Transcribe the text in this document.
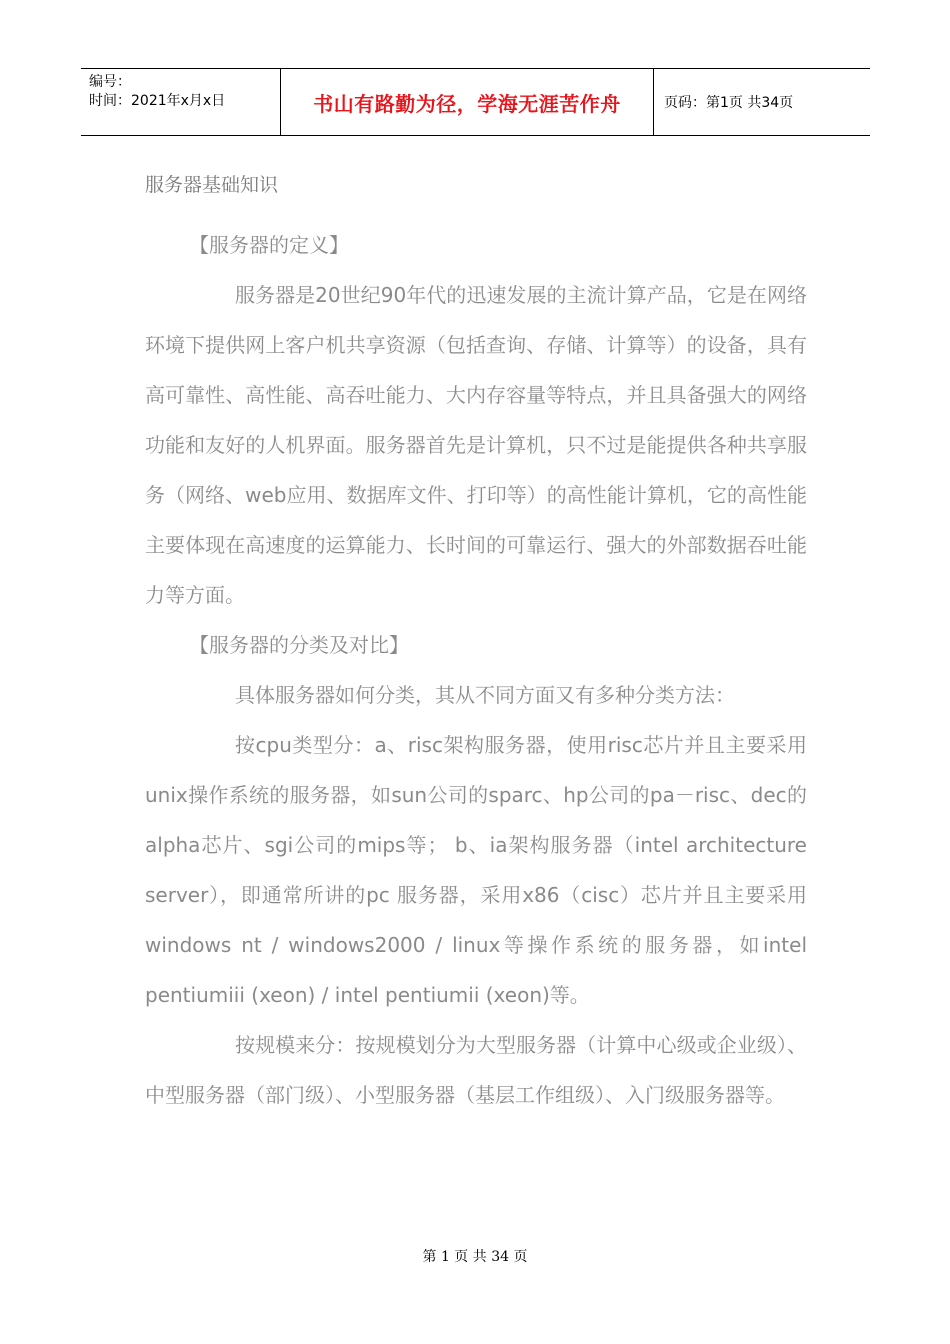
编号：
时间：2021年x月x日	书山有路勤为径，学海无涯苦作舟	页码：第1页 共34页
服务器基础知识

【服务器的定义】

服务器是20世纪90年代的迅速发展的主流计算产品，它是在网络环境下提供网上客户机共享资源（包括查询、存储、计算等）的设备，具有高可靠性、高性能、高吞吐能力、大内存容量等特点，并且具备强大的网络功能和友好的人机界面。服务器首先是计算机，只不过是能提供各种共享服务（网络、web应用、数据库文件、打印等）的高性能计算机，它的高性能主要体现在高速度的运算能力、长时间的可靠运行、强大的外部数据吞吐能力等方面。

【服务器的分类及对比】

具体服务器如何分类，其从不同方面又有多种分类方法：

按cpu类型分：a、risc架构服务器，使用risc芯片并且主要采用unix操作系统的服务器，如sun公司的sparc、hp公司的pa－risc、dec的alpha芯片、sgi公司的mips等； b、ia架构服务器（intel architecture server），即通常所讲的pc 服务器，采用x86（cisc）芯片并且主要采用windows nt / windows2000 / linux等操作系统的服务器，如intel pentiumiii (xeon) / intel pentiumii (xeon)等。

按规模来分：按规模划分为大型服务器（计算中心级或企业级）、中型服务器（部门级）、小型服务器（基层工作组级）、入门级服务器等。

第 1 页 共 34 页
